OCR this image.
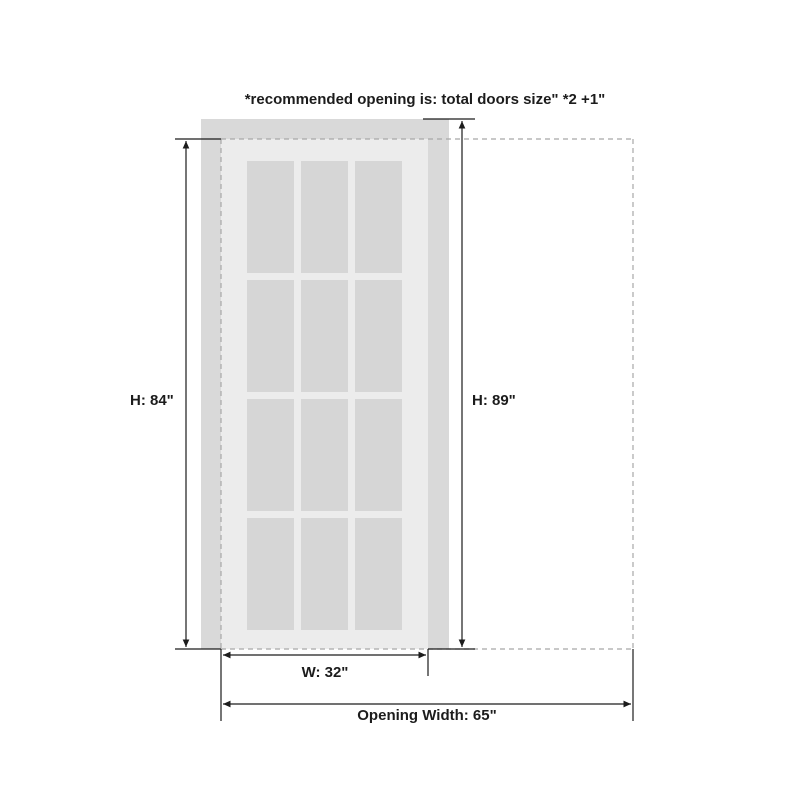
*recommended opening is: total doors size" *2 +1"
H: 84"	H: 89"
W: 32"
Opening Width: 65"
